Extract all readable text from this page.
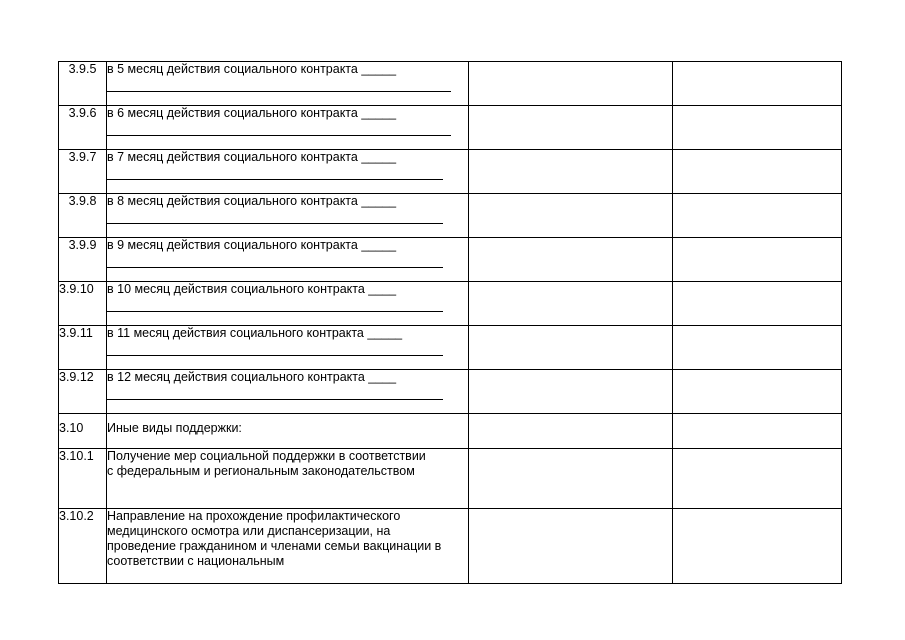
3.9.5	в 5 месяц действия социального контракта _____		

3.9.6	в 6 месяц действия социального контракта _____		

3.9.7	в 7 месяц действия социального контракта _____		

3.9.8	в 8 месяц действия социального контракта _____		

3.9.9	в 9 месяц действия социального контракта _____		

3.9.10	в 10 месяц действия социального контракта ____		

3.9.11	в 11 месяц действия социального контракта _____		

3.9.12	в 12 месяц действия социального контракта ____		

3.10	Иные виды поддержки:		
3.10.1	Получение мер социальной поддержки в соответствии с федеральным и региональным законодательством		

3.10.2	Направление на прохождение профилактического медицинского осмотра или диспансеризации, на проведение гражданином и членами семьи вакцинации в соответствии с национальным		
